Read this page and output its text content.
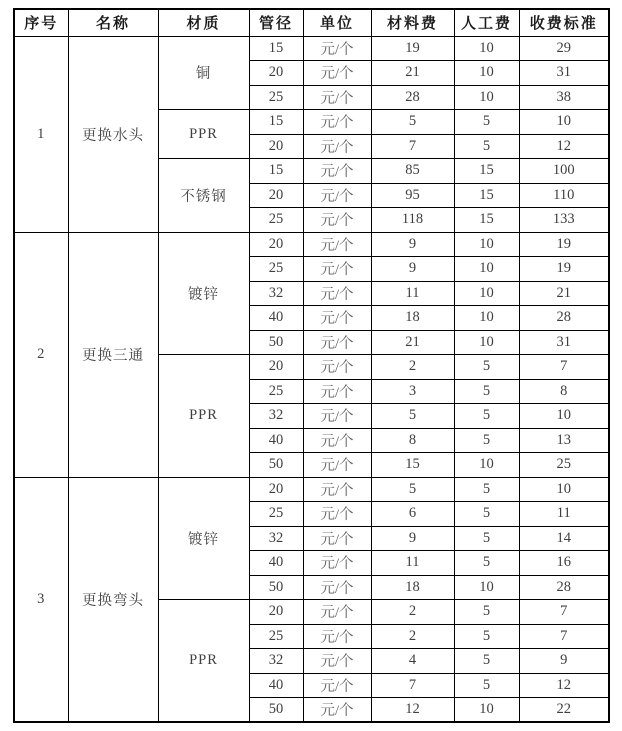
序号	名称	材质	管径	单位	材料费	人工费	收费标准
1	更换水头	铜	15	元/个	19	10	29
			20	元/个	21	10	31
			25	元/个	28	10	38
		PPR	15	元/个	5	5	10
			20	元/个	7	5	12
		不锈钢	15	元/个	85	15	100
			20	元/个	95	15	110
			25	元/个	118	15	133
2	更换三通	镀锌	20	元/个	9	10	19
			25	元/个	9	10	19
			32	元/个	11	10	21
			40	元/个	18	10	28
			50	元/个	21	10	31
		PPR	20	元/个	2	5	7
			25	元/个	3	5	8
			32	元/个	5	5	10
			40	元/个	8	5	13
			50	元/个	15	10	25
3	更换弯头	镀锌	20	元/个	5	5	10
			25	元/个	6	5	11
			32	元/个	9	5	14
			40	元/个	11	5	16
			50	元/个	18	10	28
		PPR	20	元/个	2	5	7
			25	元/个	2	5	7
			32	元/个	4	5	9
			40	元/个	7	5	12
			50	元/个	12	10	22
